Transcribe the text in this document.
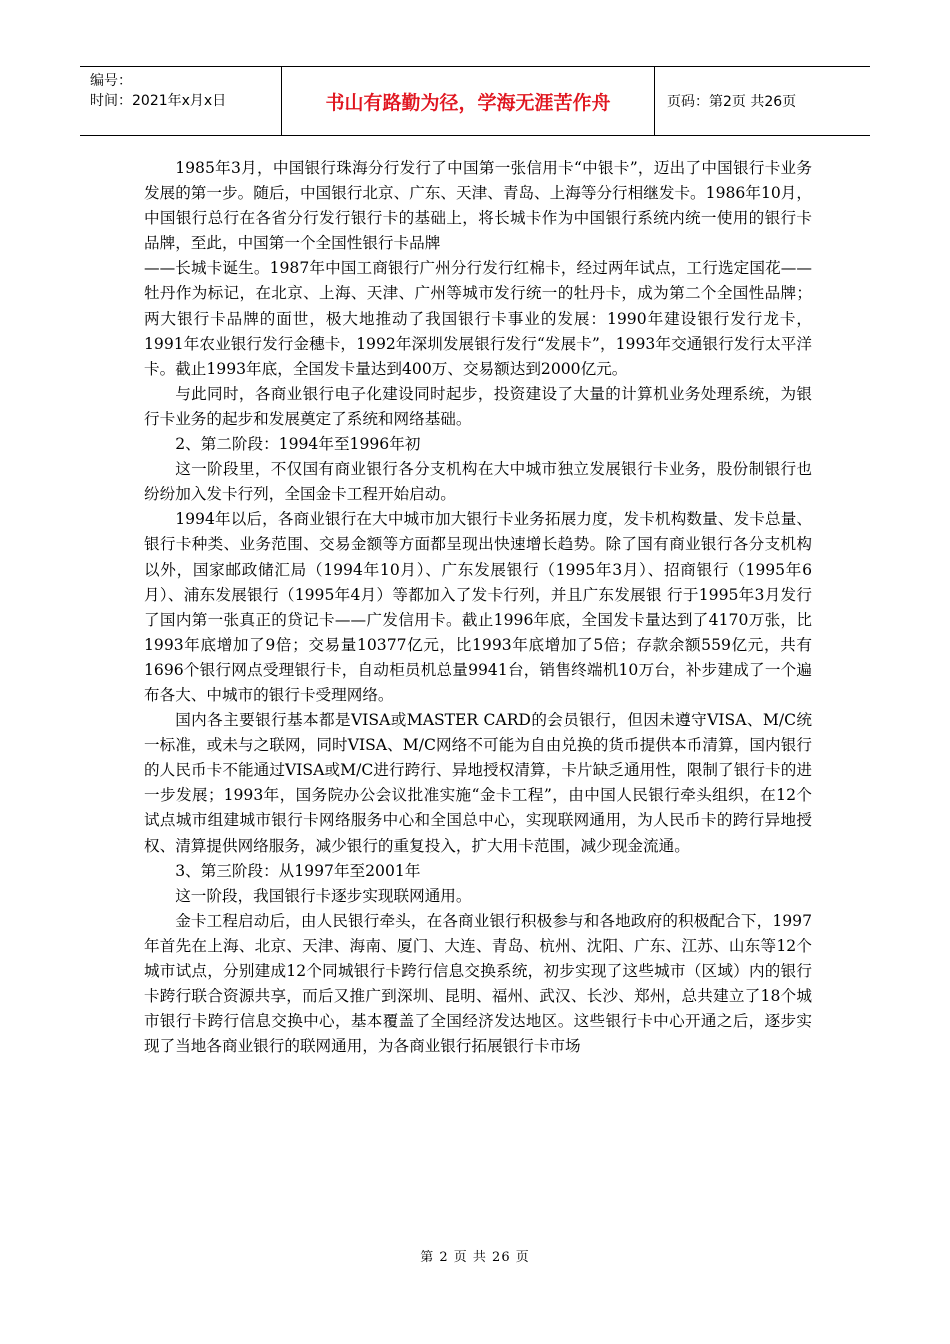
编号：
时间：2021年x月x日	书山有路勤为径，学海无涯苦作舟	页码：第2页 共26页

1985年3月，中国银行珠海分行发行了中国第一张信用卡“中银卡”，迈出了中国银行卡业务发展的第一步。随后，中国银行北京、广东、天津、青岛、上海等分行相继发卡。1986年10月，中国银行总行在各省分行发行银行卡的基础上，将长城卡作为中国银行系统内统一使用的银行卡品牌，至此，中国第一个全国性银行卡品牌

——长城卡诞生。1987年中国工商银行广州分行发行红棉卡，经过两年试点，工行选定国花——牡丹作为标记，在北京、上海、天津、广州等城市发行统一的牡丹卡，成为第二个全国性品牌；两大银行卡品牌的面世，极大地推动了我国银行卡事业的发展：1990年建设银行发行龙卡，1991年农业银行发行金穗卡，1992年深圳发展银行发行“发展卡”，1993年交通银行发行太平洋卡。截止1993年底，全国发卡量达到400万、交易额达到2000亿元。

与此同时，各商业银行电子化建设同时起步，投资建设了大量的计算机业务处理系统，为银行卡业务的起步和发展奠定了系统和网络基础。

2、第二阶段：1994年至1996年初

这一阶段里，不仅国有商业银行各分支机构在大中城市独立发展银行卡业务，股份制银行也纷纷加入发卡行列，全国金卡工程开始启动。

1994年以后，各商业银行在大中城市加大银行卡业务拓展力度，发卡机构数量、发卡总量、银行卡种类、业务范围、交易金额等方面都呈现出快速增长趋势。除了国有商业银行各分支机构以外，国家邮政储汇局（1994年10月）、广东发展银行（1995年3月）、招商银行（1995年6月）、浦东发展银行（1995年4月）等都加入了发卡行列，并且广东发展银 行于1995年3月发行了国内第一张真正的贷记卡——广发信用卡。截止1996年底，全国发卡量达到了4170万张，比1993年底增加了9倍；交易量10377亿元，比1993年底增加了5倍；存款余额559亿元，共有1696个银行网点受理银行卡，自动柜员机总量9941台，销售终端机10万台，补步建成了一个遍布各大、中城市的银行卡受理网络。

国内各主要银行基本都是VISA或MASTER CARD的会员银行，但因未遵守VISA、M/C统一标准，或未与之联网，同时VISA、M/C网络不可能为自由兑换的货币提供本币清算，国内银行的人民币卡不能通过VISA或M/C进行跨行、异地授权清算，卡片缺乏通用性，限制了银行卡的进一步发展；1993年，国务院办公会议批准实施“金卡工程”，由中国人民银行牵头组织，在12个试点城市组建城市银行卡网络服务中心和全国总中心，实现联网通用，为人民币卡的跨行异地授权、清算提供网络服务，减少银行的重复投入，扩大用卡范围，减少现金流通。

3、第三阶段：从1997年至2001年

这一阶段，我国银行卡逐步实现联网通用。

金卡工程启动后，由人民银行牵头，在各商业银行积极参与和各地政府的积极配合下，1997年首先在上海、北京、天津、海南、厦门、大连、青岛、杭州、沈阳、广东、江苏、山东等12个城市试点，分别建成12个同城银行卡跨行信息交换系统，初步实现了这些城市（区域）内的银行卡跨行联合资源共享，而后又推广到深圳、昆明、福州、武汉、长沙、郑州，总共建立了18个城市银行卡跨行信息交换中心，基本覆盖了全国经济发达地区。这些银行卡中心开通之后，逐步实现了当地各商业银行的联网通用，为各商业银行拓展银行卡市场

第 2 页 共 26 页
